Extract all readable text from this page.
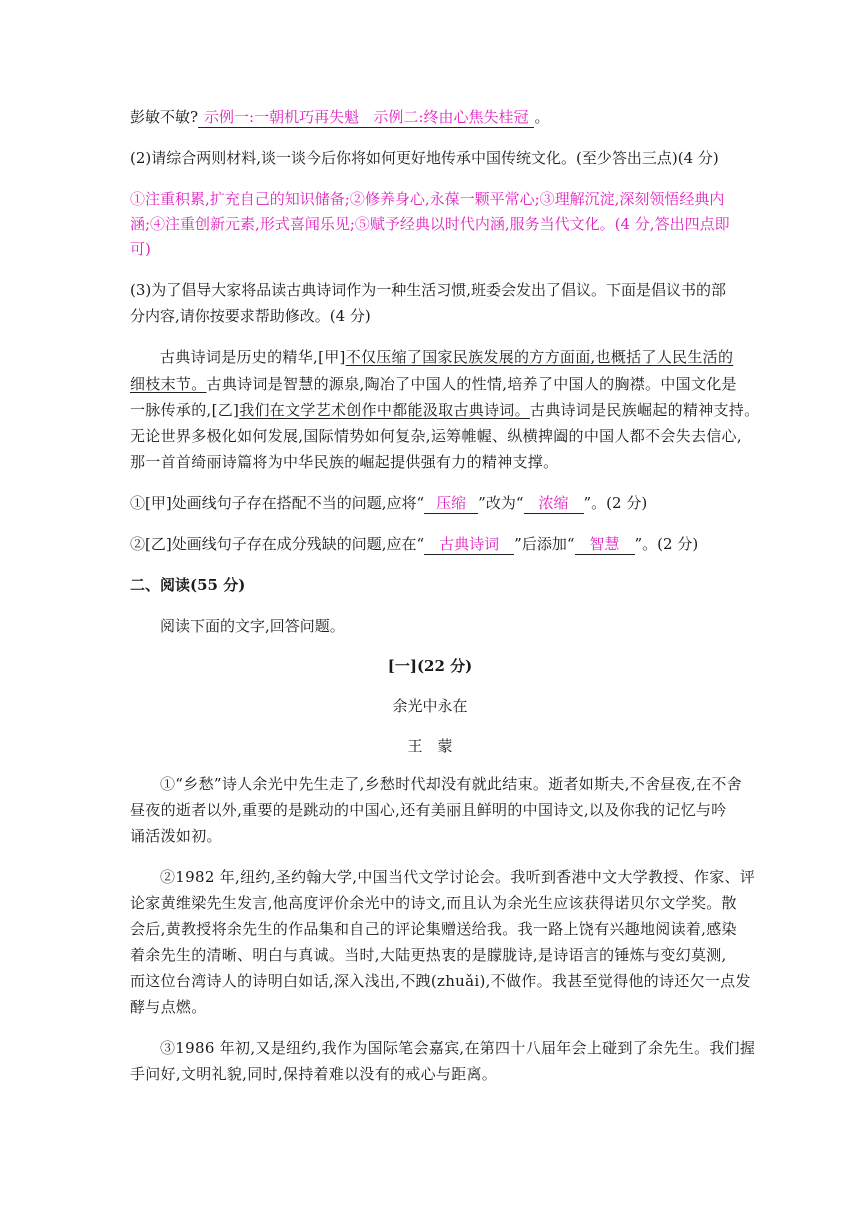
彭敏不敏? 示例一:一朝机巧再失魁 示例二:终由心焦失桂冠 。
(2)请综合两则材料,谈一谈今后你将如何更好地传承中国传统文化。(至少答出三点)(4 分)
①注重积累,扩充自己的知识储备;②修养身心,永葆一颗平常心;③理解沉淀,深刻领悟经典内
涵;④注重创新元素,形式喜闻乐见;⑤赋予经典以时代内涵,服务当代文化。(4 分,答出四点即
可)
(3)为了倡导大家将品读古典诗词作为一种生活习惯,班委会发出了倡议。下面是倡议书的部
分内容,请你按要求帮助修改。(4 分)
古典诗词是历史的精华,[甲]不仅压缩了国家民族发展的方方面面,也概括了人民生活的
细枝末节。古典诗词是智慧的源泉,陶冶了中国人的性情,培养了中国人的胸襟。中国文化是
一脉传承的,[乙]我们在文学艺术创作中都能汲取古典诗词。古典诗词是民族崛起的精神支持。
无论世界多极化如何发展,国际情势如何复杂,运筹帷幄、纵横捭阖的中国人都不会失去信心,
那一首首绮丽诗篇将为中华民族的崛起提供强有力的精神支撑。
①[甲]处画线句子存在搭配不当的问题,应将“ 压缩 ”改为“ 浓缩 ”。(2 分)
②[乙]处画线句子存在成分残缺的问题,应在“ 古典诗词 ”后添加“ 智慧 ”。(2 分)
二、阅读(55 分)
阅读下面的文字,回答问题。
[一](22 分)
余光中永在
王　蒙
①“乡愁”诗人余光中先生走了,乡愁时代却没有就此结束。逝者如斯夫,不舍昼夜,在不舍
昼夜的逝者以外,重要的是跳动的中国心,还有美丽且鲜明的中国诗文,以及你我的记忆与吟
诵活泼如初。
②1982 年,纽约,圣约翰大学,中国当代文学讨论会。我听到香港中文大学教授、作家、评
论家黄维梁先生发言,他高度评价余光中的诗文,而且认为余光生应该获得诺贝尔文学奖。散
会后,黄教授将余先生的作品集和自己的评论集赠送给我。我一路上饶有兴趣地阅读着,感染
着余先生的清晰、明白与真诚。当时,大陆更热衷的是朦胧诗,是诗语言的锤炼与变幻莫测,
而这位台湾诗人的诗明白如话,深入浅出,不跩(zhuǎi),不做作。我甚至觉得他的诗还欠一点发
酵与点燃。
③1986 年初,又是纽约,我作为国际笔会嘉宾,在第四十八届年会上碰到了余先生。我们握
手问好,文明礼貌,同时,保持着难以没有的戒心与距离。
